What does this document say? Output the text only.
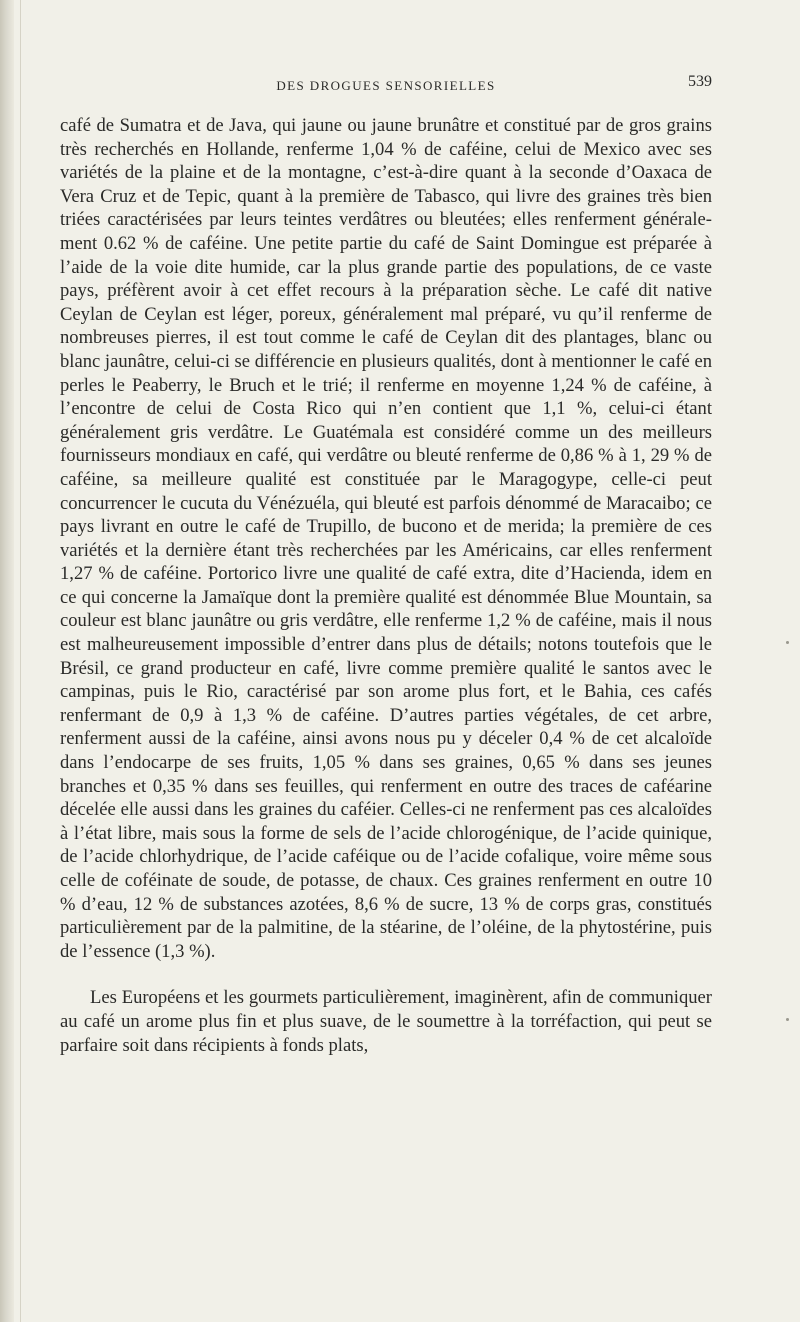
DES DROGUES SENSORIELLES	539

café de Sumatra et de Java, qui jaune ou jaune brunâtre et constitué par de gros grains très recherchés en Hollande, renferme 1,04 % de caféine, celui de Mexico avec ses variétés de la plaine et de la montagne, c’est-à-dire quant à la seconde d’Oaxaca de Vera Cruz et de Tepic, quant à la première de Tabasco, qui livre des graines très bien triées caractérisées par leurs teintes verdâtres ou bleutées; elles renferment généralement 0.62 % de caféine. Une petite partie du café de Saint Domingue est préparée à l’aide de la voie dite humide, car la plus grande partie des populations, de ce vaste pays, préfèrent avoir à cet effet recours à la préparation sèche. Le café dit native Ceylan de Ceylan est léger, poreux, généralement mal préparé, vu qu’il renferme de nombreuses pierres, il est tout comme le café de Ceylan dit des plantages, blanc ou blanc jaunâtre, celui-ci se différencie en plusieurs qualités, dont à mentionner le café en perles le Peaberry, le Bruch et le trié; il renferme en moyenne 1,24 % de caféine, à l’encontre de celui de Costa Rico qui n’en contient que 1,1 %, celui-ci étant généralement gris verdâtre. Le Guatémala est considéré comme un des meilleurs fournisseurs mondiaux en café, qui verdâtre ou bleuté renferme de 0,86 % à 1, 29 % de caféine, sa meilleure qualité est constituée par le Maragogype, celle-ci peut concurrencer le cucuta du Vénézuéla, qui bleuté est parfois dénommé de Maracaibo; ce pays livrant en outre le café de Trupillo, de bucono et de merida; la première de ces variétés et la dernière étant très recherchées par les Américains, car elles renferment 1,27 % de caféine. Portorico livre une qualité de café extra, dite d’Hacienda, idem en ce qui concerne la Jamaïque dont la première qualité est dénommée Blue Mountain, sa couleur est blanc jaunâtre ou gris verdâtre, elle renferme 1,2 % de caféine, mais il nous est malheureusement impossible d’entrer dans plus de détails; notons toutefois que le Brésil, ce grand producteur en café, livre comme première qualité le santos avec le campinas, puis le Rio, caractérisé par son arome plus fort, et le Bahia, ces cafés renfermant de 0,9 à 1,3 % de caféine. D’autres parties végétales, de cet arbre, renferment aussi de la caféine, ainsi avons nous pu y déceler 0,4 % de cet alcaloïde dans l’endocarpe de ses fruits, 1,05 % dans ses graines, 0,65 % dans ses jeunes branches et 0,35 % dans ses feuilles, qui renferment en outre des traces de caféarine décelée elle aussi dans les graines du caféier. Celles-ci ne renferment pas ces alcaloïdes à l’état libre, mais sous la forme de sels de l’acide chlorogénique, de l’acide quinique, de l’acide chlorhydrique, de l’acide caféique ou de l’acide cofalique, voire même sous celle de coféinate de soude, de potasse, de chaux. Ces graines renferment en outre 10 % d’eau, 12 % de substances azotées, 8,6 % de sucre, 13 % de corps gras, constitués particulièrement par de la palmitine, de la stéarine, de l’oléine, de la phytostérine, puis de l’essence (1,3 %).

Les Européens et les gourmets particulièrement, imaginèrent, afin de communiquer au café un arome plus fin et plus suave, de le soumettre à la torréfaction, qui peut se parfaire soit dans récipients à fonds plats,
